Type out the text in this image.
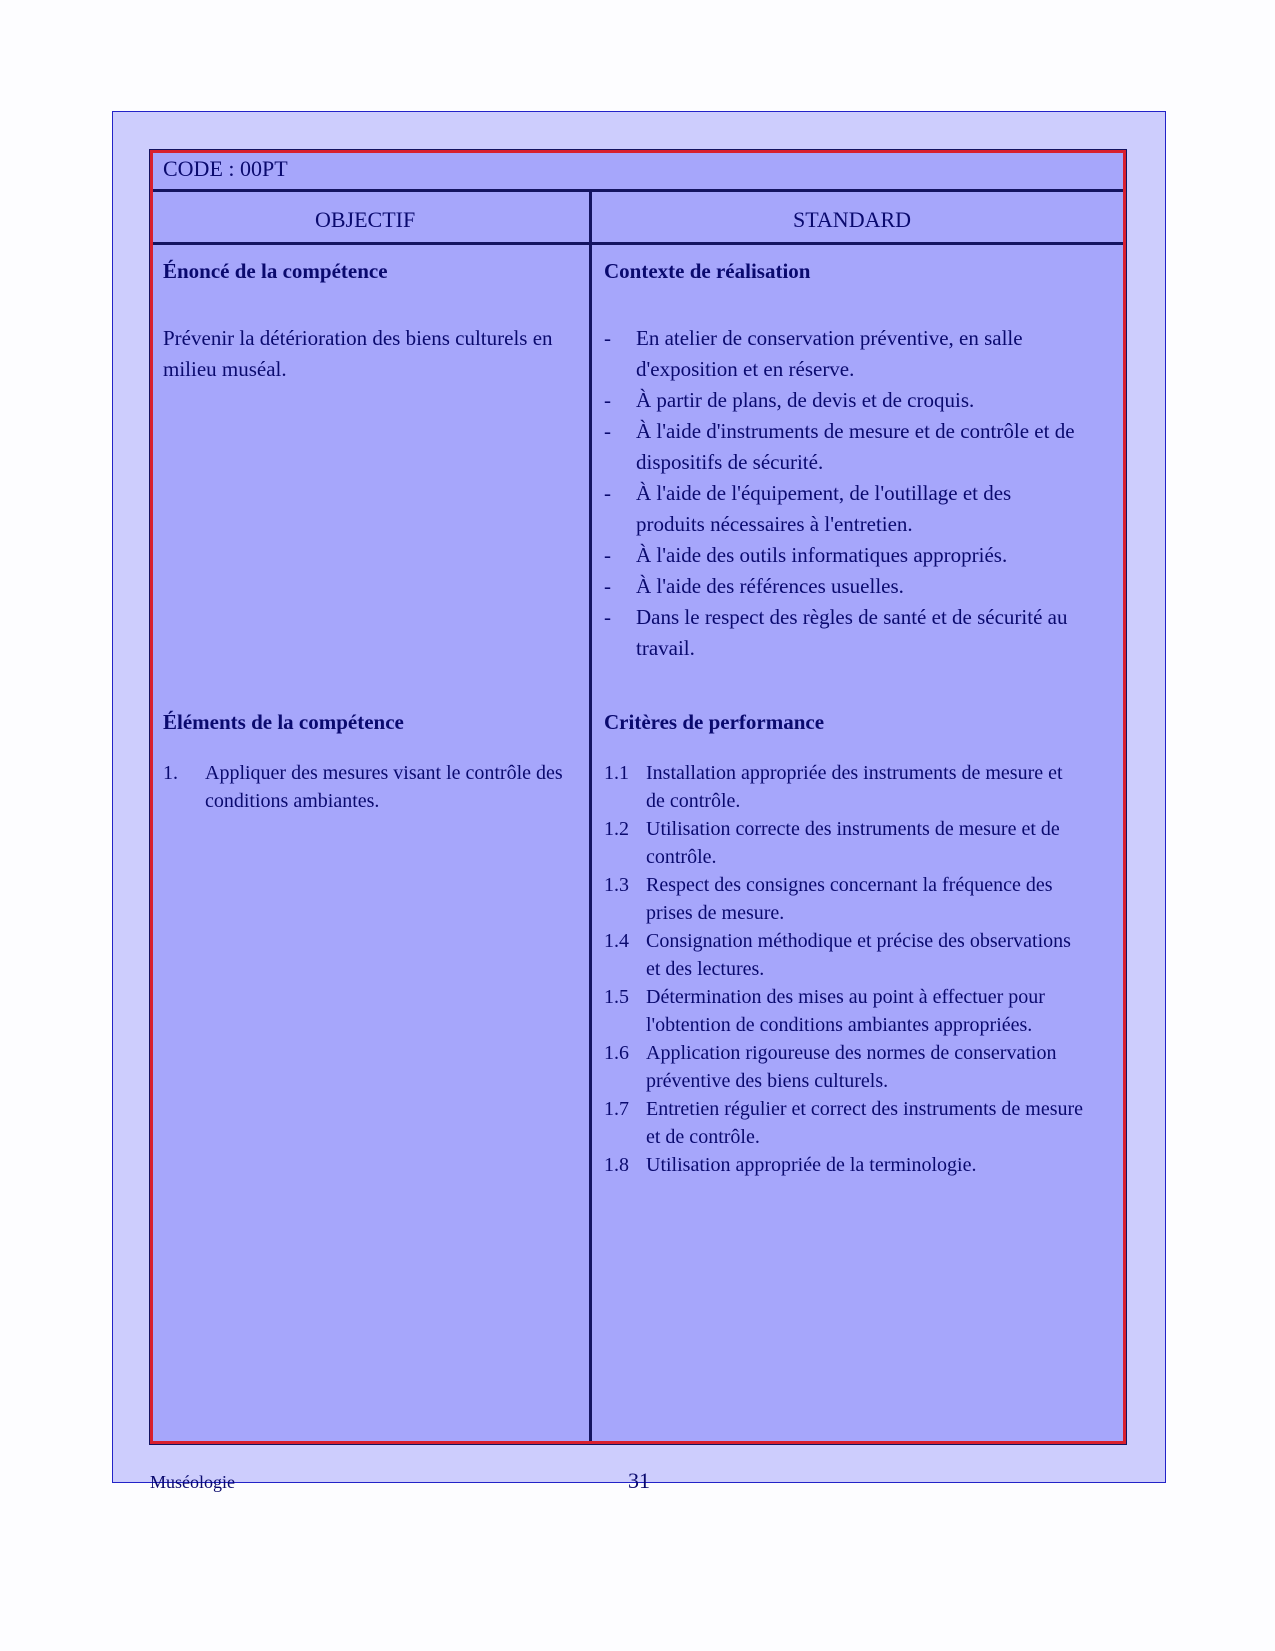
CODE : 00PT
OBJECTIF	STANDARD
Énoncé de la compétence
Prévenir la détérioration des biens culturels en milieu muséal.
Éléments de la compétence
1. Appliquer des mesures visant le contrôle des conditions ambiantes.
Contexte de réalisation
- En atelier de conservation préventive, en salle d'exposition et en réserve.
- À partir de plans, de devis et de croquis.
- À l'aide d'instruments de mesure et de contrôle et de dispositifs de sécurité.
- À l'aide de l'équipement, de l'outillage et des produits nécessaires à l'entretien.
- À l'aide des outils informatiques appropriés.
- À l'aide des références usuelles.
- Dans le respect des règles de santé et de sécurité au travail.
Critères de performance
1.1 Installation appropriée des instruments de mesure et de contrôle.
1.2 Utilisation correcte des instruments de mesure et de contrôle.
1.3 Respect des consignes concernant la fréquence des prises de mesure.
1.4 Consignation méthodique et précise des observations et des lectures.
1.5 Détermination des mises au point à effectuer pour l'obtention de conditions ambiantes appropriées.
1.6 Application rigoureuse des normes de conservation préventive des biens culturels.
1.7 Entretien régulier et correct des instruments de mesure et de contrôle.
1.8 Utilisation appropriée de la terminologie.
Muséologie	31
